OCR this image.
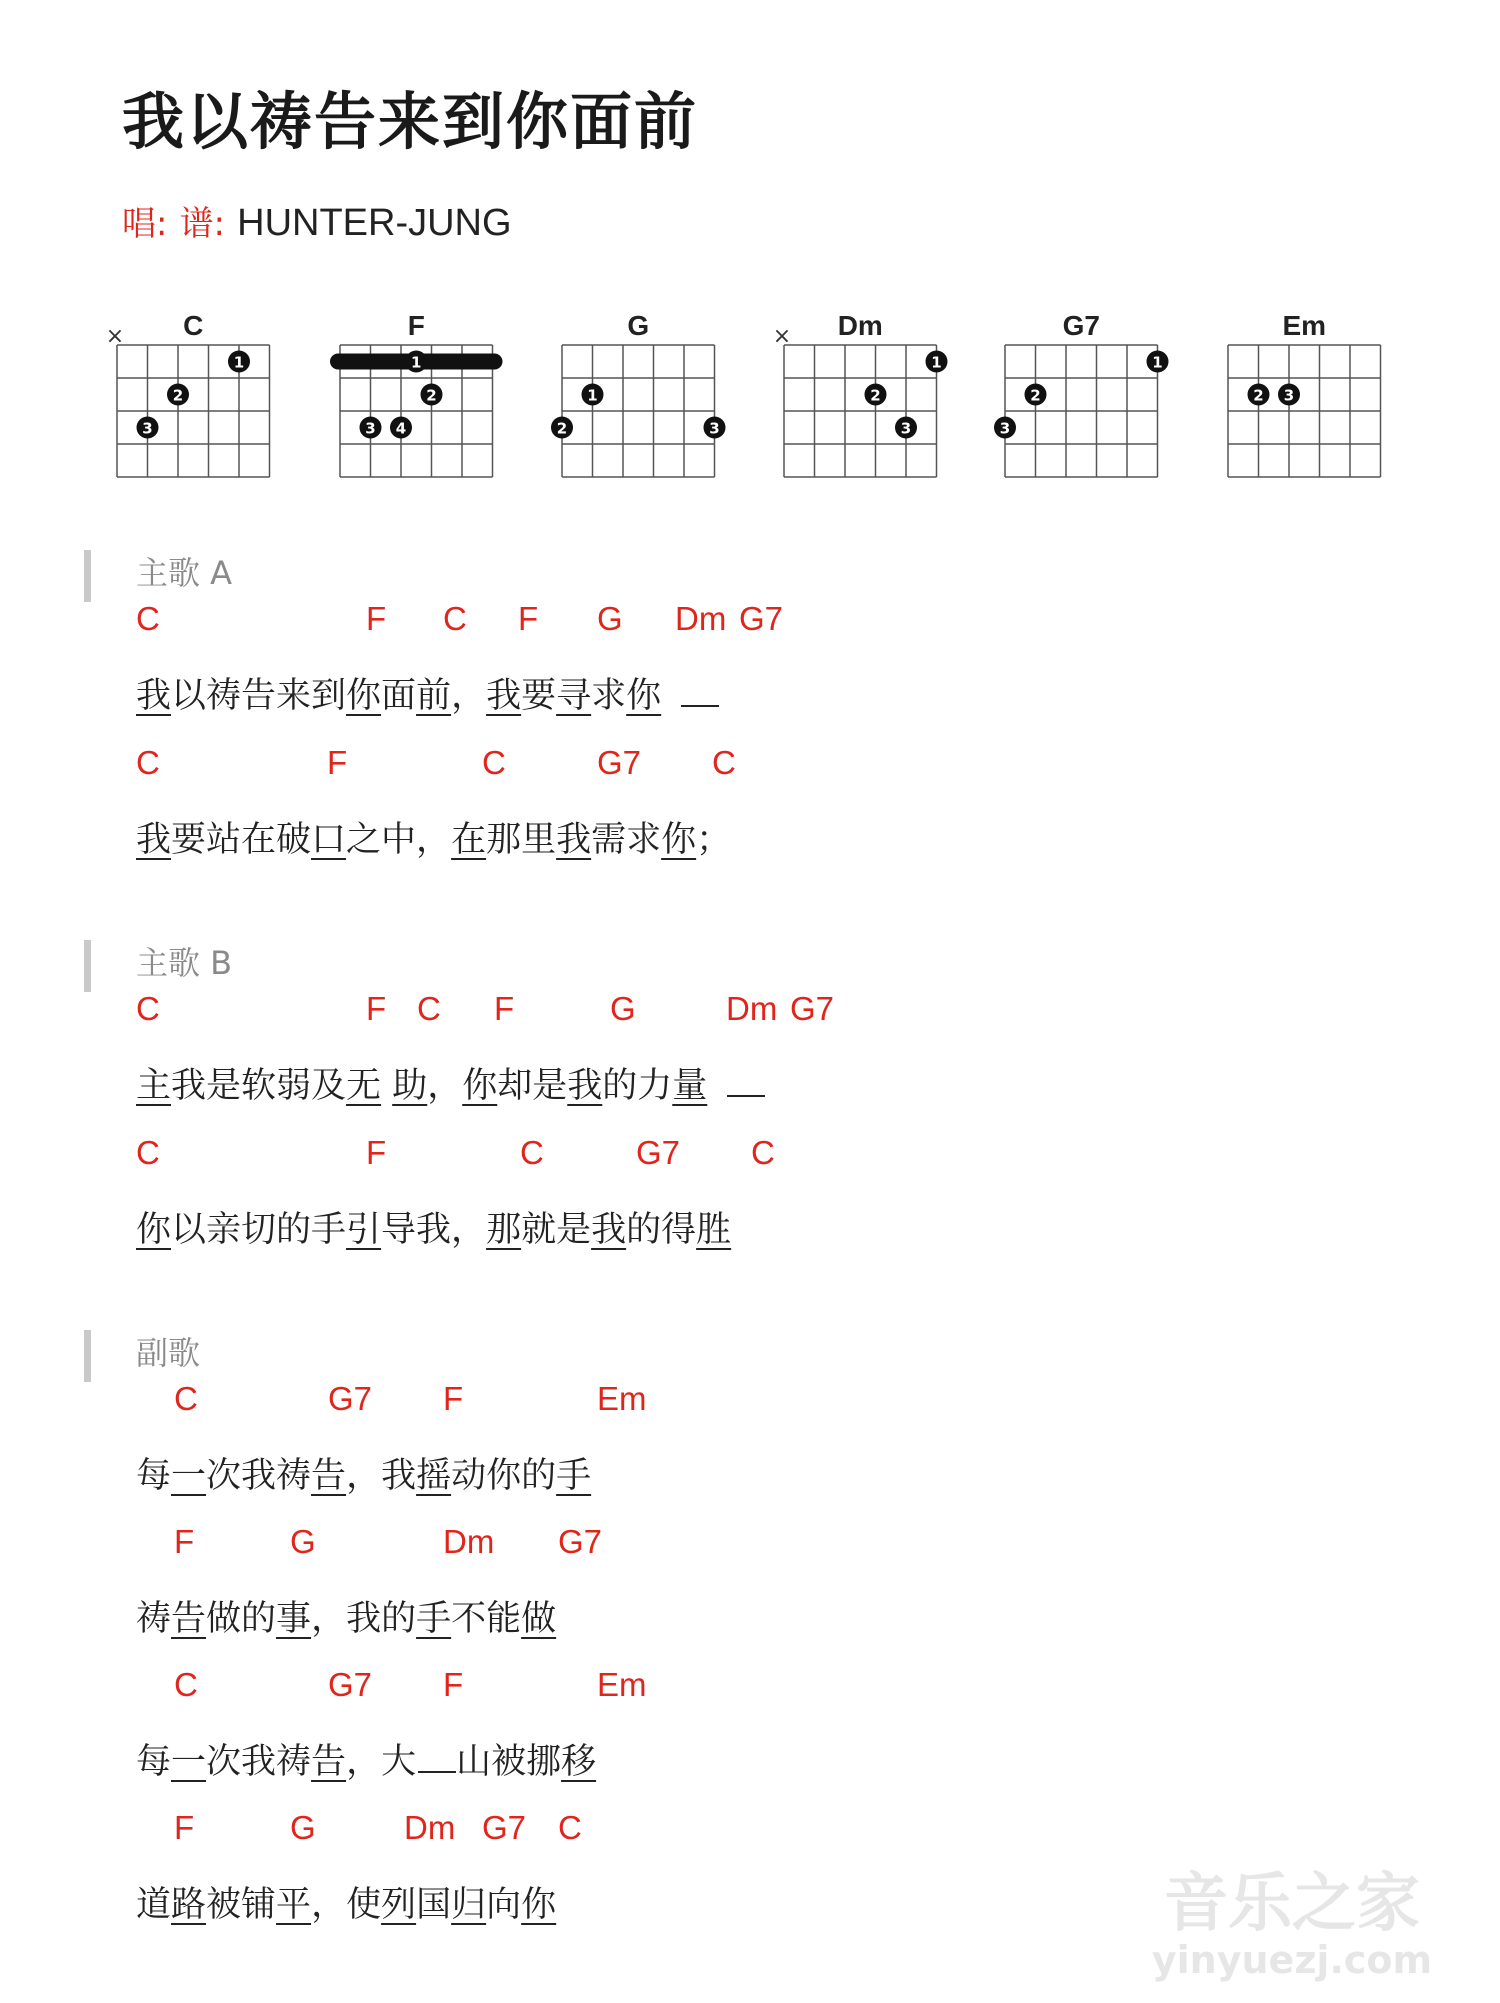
我以祷告来到你面前
唱: 谱: HUNTER-JUNG
C
×
1
2
3
F
1
2
3 4
G
1
2	3
Dm
×
1
2
3
G7
1
2
3
Em
2 3
主歌 A
C	F C F G Dm G7
我以祷告来到你面前，我要寻求你
C	F	C	G7 C
我要站在破口之中，在那里我需求你；
主歌 B
C	F C F	G	Dm G7
主我是软弱及无 助，你却是我的力量
C	F	C	G7 C
你以亲切的手引导我，那就是我的得胜
副歌
C	G7 F	Em
每一次我祷告，我摇动你的手
F	G	Dm G7
祷告做的事，我的手不能做
C	G7 F	Em
每一次我祷告，大 山被挪移
F	G	Dm G7 C
道路被铺平，使列国归向你	音乐之家
yinyuezj.com
